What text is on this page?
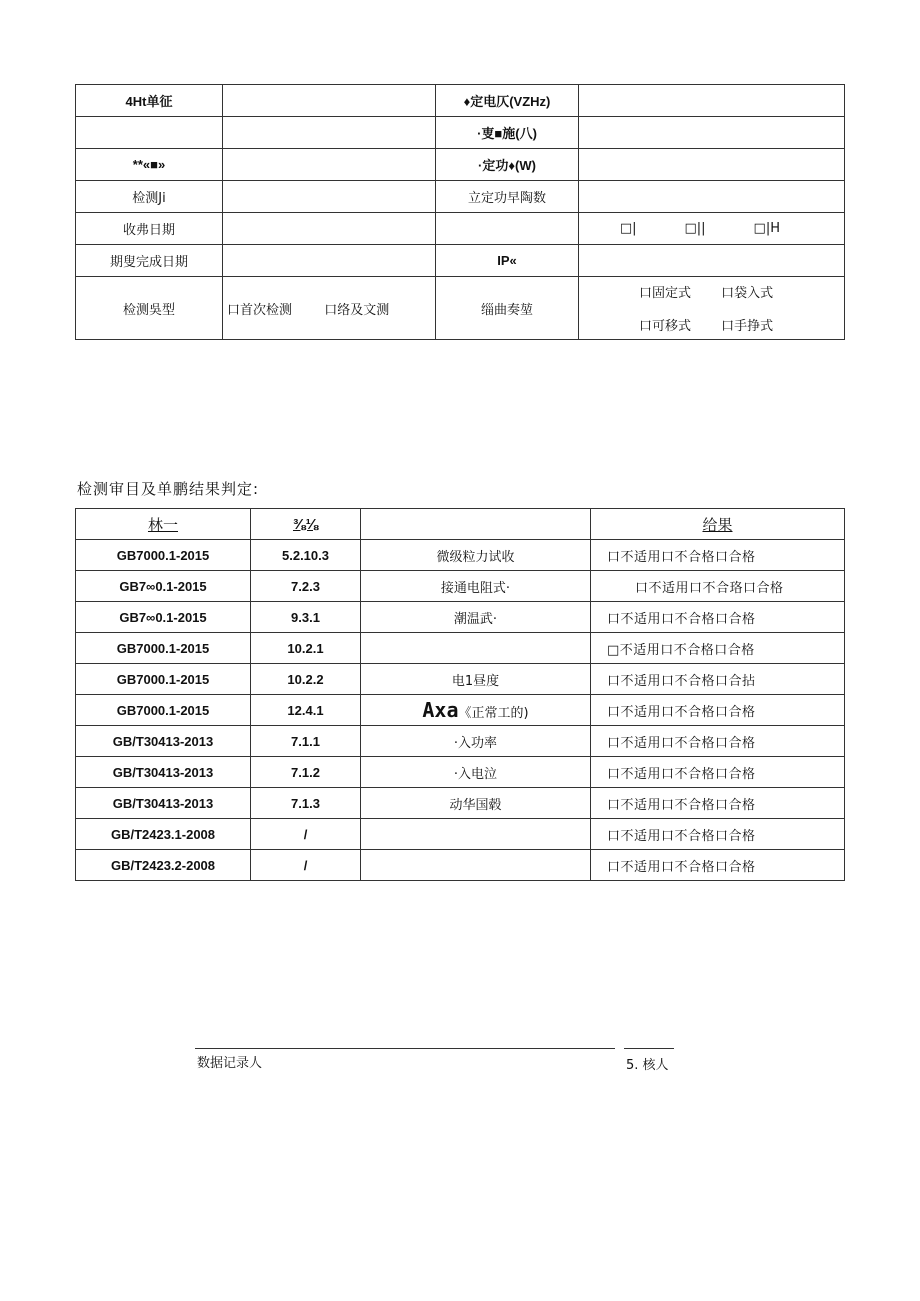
4Ht单征		♦定电仄(VZHz)	
		·叓■施(八)	
**«■»		·定功♦(W)	
检测Ji		立定功早陶数	
收弗日期			□| □|| □|H

期叟完成日期		IP«	
检测吳型	口首次检测 口络及文测	缁曲奏堃	口固定式 口袋入式
口可移式 口手挣式
检测审目及单鹏结果判定:
林一	⅜⅛		给果
GB7000.1-2015	5.2.10.3	微级粒力试收	口不适用口不合格口合格
GB7∞0.1-2015	7.2.3	接通电阻式·	口不适用口不合珞口合格
GB7∞0.1-2015	9.3.1	潮温武·	口不适用口不合格口合格
GB7000.1-2015	10.2.1		□不适用口不合格口合格
GB7000.1-2015	10.2.2	电1昼度	口不适用口不合格口合拈
GB7000.1-2015	12.4.1	Axa《正常工的)	口不适用口不合格口合格
GB/T30413-2013	7.1.1	·入功率	口不适用口不合格口合格
GB/T30413-2013	7.1.2	·入电泣	口不适用口不合格口合格
GB/T30413-2013	7.1.3	动华国毂	口不适用口不合格口合格
GB/T2423.1-2008	/		口不适用口不合格口合格
GB/T2423.2-2008	/		口不适用口不合格口合格
数据记录人	5. 核人
